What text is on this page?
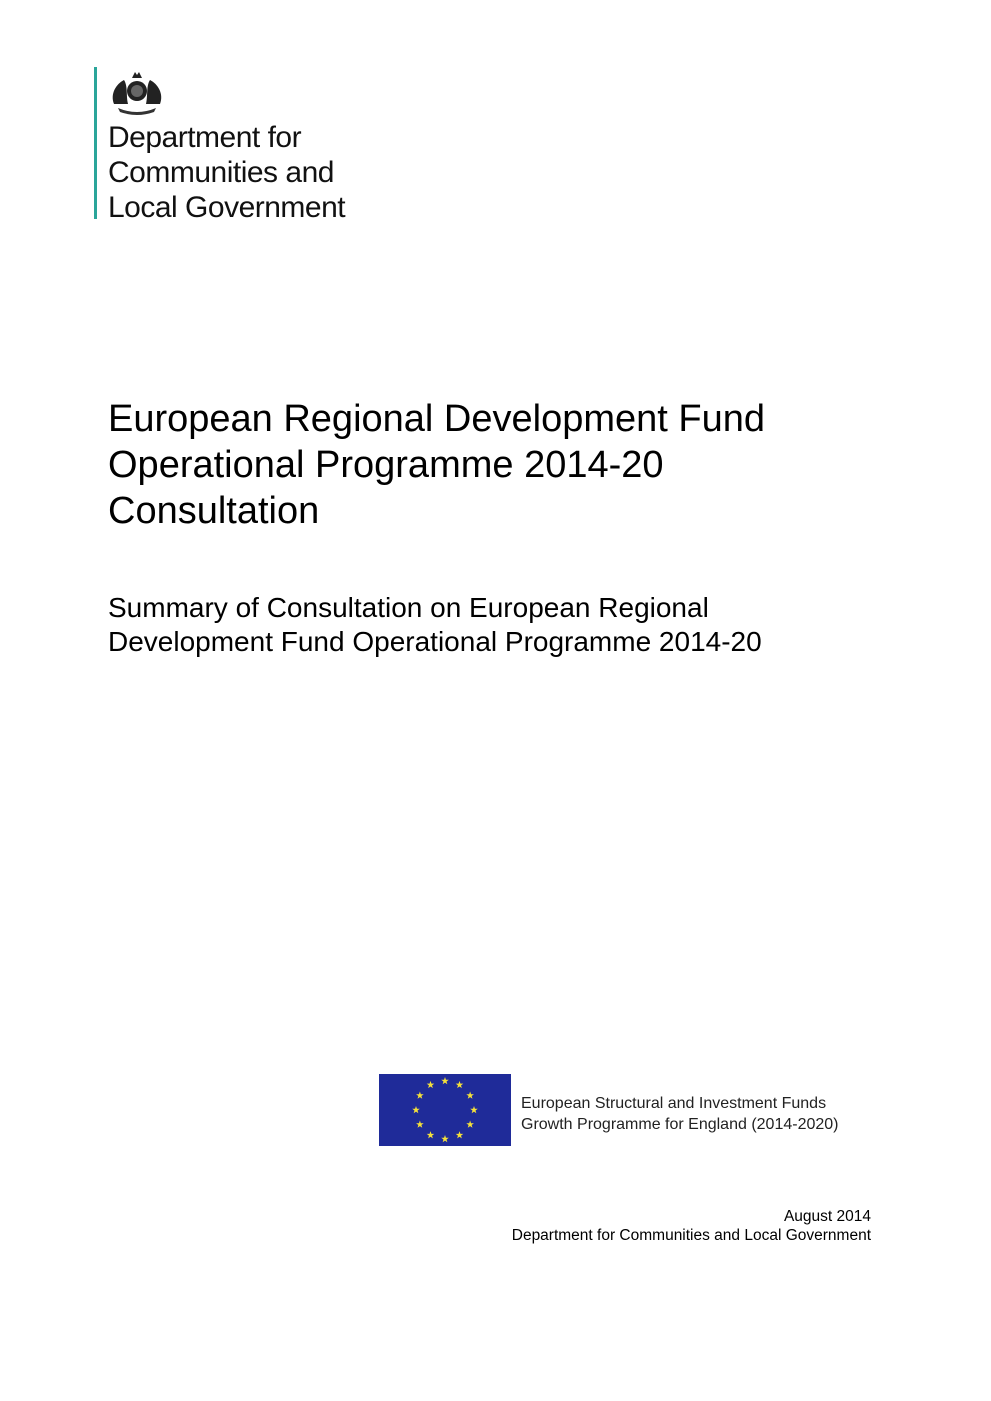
Department for
Communities and
Local Government
European Regional Development Fund
Operational Programme 2014-20
Consultation
Summary of Consultation on European Regional
Development Fund Operational Programme 2014-20
European Structural and Investment Funds
Growth Programme for England (2014-2020)
August 2014
Department for Communities and Local Government
